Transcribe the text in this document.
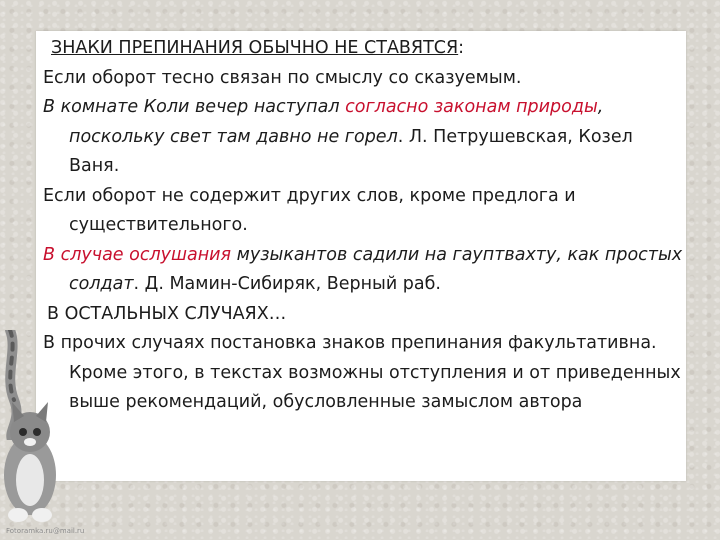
ЗНАКИ ПРЕПИНАНИЯ ОБЫЧНО НЕ СТАВЯТСЯ:

Если оборот тесно связан по смыслу со сказуемым.

В комнате Коли вечер наступал согласно законам природы, поскольку свет там давно не горел. Л. Петрушевская, Козел Ваня.

Если оборот не содержит других слов, кроме предлога и существительного.

В случае ослушания музыкантов садили на гауптвахту, как простых солдат. Д. Мамин-Сибиряк, Верный раб.

В ОСТАЛЬНЫХ СЛУЧАЯХ…

В прочих случаях постановка знаков препинания факультативна. Кроме этого, в текстах возможны отступления и от приведенных выше рекомендаций, обусловленные замыслом автора

Fotoramka.ru@mail.ru
